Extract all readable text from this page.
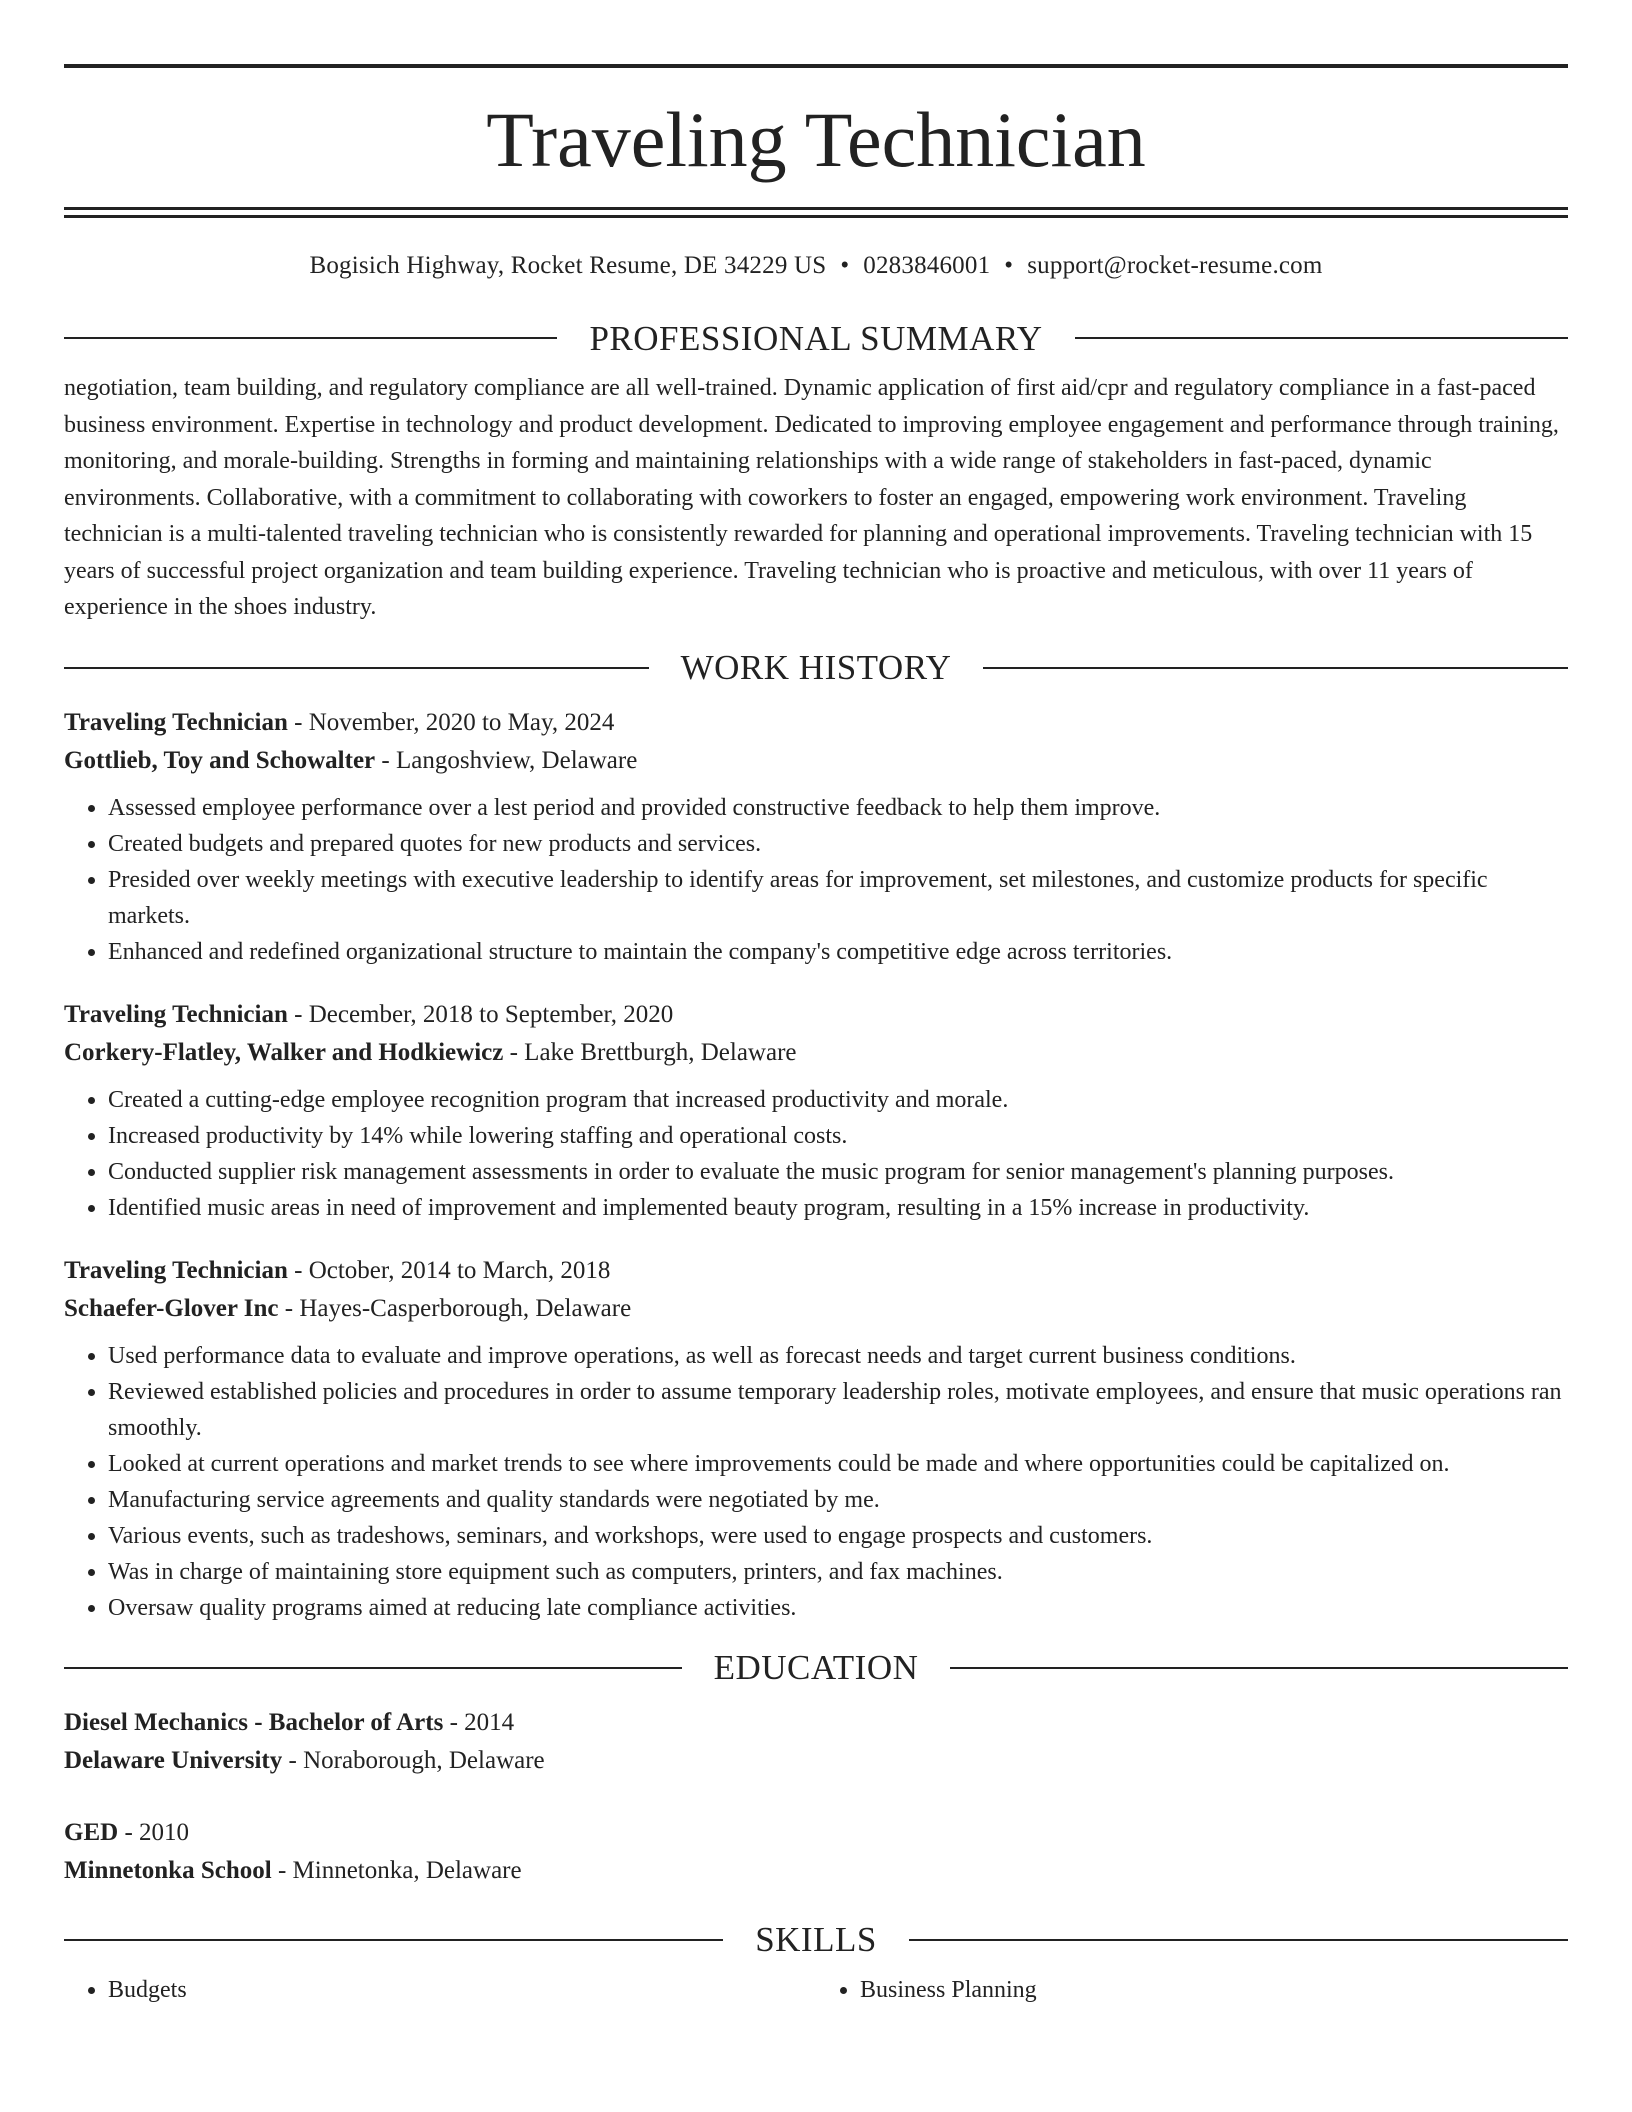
Traveling Technician
Bogisich Highway, Rocket Resume, DE 34229 US • 0283846001 • support@rocket-resume.com
PROFESSIONAL SUMMARY
negotiation, team building, and regulatory compliance are all well-trained. Dynamic application of first aid/cpr and regulatory compliance in a fast-paced business environment. Expertise in technology and product development. Dedicated to improving employee engagement and performance through training, monitoring, and morale-building. Strengths in forming and maintaining relationships with a wide range of stakeholders in fast-paced, dynamic environments. Collaborative, with a commitment to collaborating with coworkers to foster an engaged, empowering work environment. Traveling technician is a multi-talented traveling technician who is consistently rewarded for planning and operational improvements. Traveling technician with 15 years of successful project organization and team building experience. Traveling technician who is proactive and meticulous, with over 11 years of experience in the shoes industry.
WORK HISTORY
Traveling Technician - November, 2020 to May, 2024
Gottlieb, Toy and Schowalter - Langoshview, Delaware
• Assessed employee performance over a lest period and provided constructive feedback to help them improve.
• Created budgets and prepared quotes for new products and services.
• Presided over weekly meetings with executive leadership to identify areas for improvement, set milestones, and customize products for specific markets.
• Enhanced and redefined organizational structure to maintain the company's competitive edge across territories.
Traveling Technician - December, 2018 to September, 2020
Corkery-Flatley, Walker and Hodkiewicz - Lake Brettburgh, Delaware
• Created a cutting-edge employee recognition program that increased productivity and morale.
• Increased productivity by 14% while lowering staffing and operational costs.
• Conducted supplier risk management assessments in order to evaluate the music program for senior management's planning purposes.
• Identified music areas in need of improvement and implemented beauty program, resulting in a 15% increase in productivity.
Traveling Technician - October, 2014 to March, 2018
Schaefer-Glover Inc - Hayes-Casperborough, Delaware
• Used performance data to evaluate and improve operations, as well as forecast needs and target current business conditions.
• Reviewed established policies and procedures in order to assume temporary leadership roles, motivate employees, and ensure that music operations ran smoothly.
• Looked at current operations and market trends to see where improvements could be made and where opportunities could be capitalized on.
• Manufacturing service agreements and quality standards were negotiated by me.
• Various events, such as tradeshows, seminars, and workshops, were used to engage prospects and customers.
• Was in charge of maintaining store equipment such as computers, printers, and fax machines.
• Oversaw quality programs aimed at reducing late compliance activities.
EDUCATION
Diesel Mechanics - Bachelor of Arts - 2014
Delaware University - Noraborough, Delaware
GED - 2010
Minnetonka School - Minnetonka, Delaware
SKILLS
• Budgets
•	Business Planning
